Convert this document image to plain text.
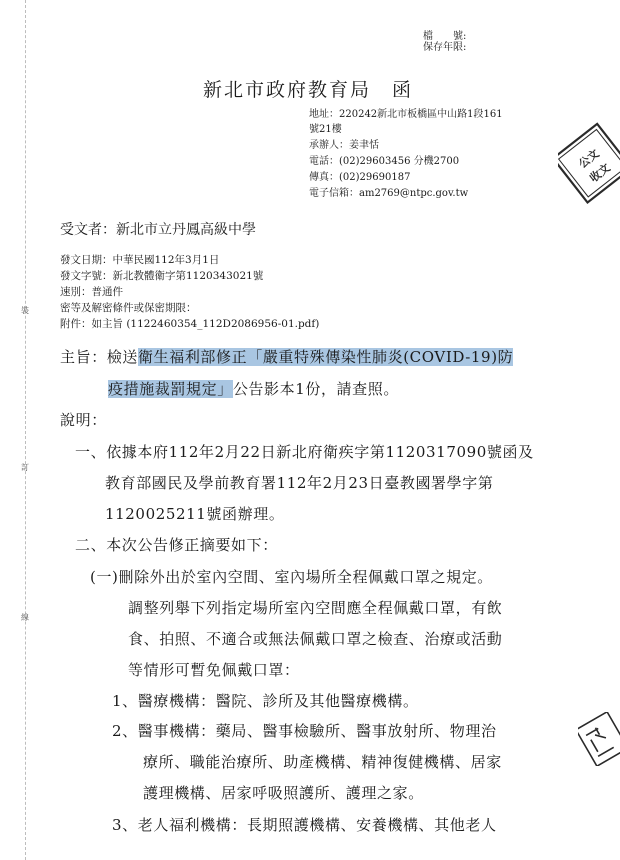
裝
訂
線
檔　　號:
保存年限:
新北市政府教育局　函
地址：220242新北市板橋區中山路1段161
號21樓
承辦人：姜聿恬
電話：(02)29603456 分機2700
傳真：(02)29690187
電子信箱：am2769@ntpc.gov.tw
公文
收文
受文者：新北市立丹鳳高級中學
發文日期：中華民國112年3月1日
發文字號：新北教體衛字第1120343021號
速別：普通件
密等及解密條件或保密期限：
附件：如主旨 (1122460354_112D2086956-01.pdf)
主旨：檢送衛生福利部修正「嚴重特殊傳染性肺炎(COVID-19)防
疫措施裁罰規定」公告影本1份，請查照。
說明：
一、依據本府112年2月22日新北府衛疾字第1120317090號函及
教育部國民及學前教育署112年2月23日臺教國署學字第
1120025211號函辦理。
二、本次公告修正摘要如下：
(一)刪除外出於室內空間、室內場所全程佩戴口罩之規定。
調整列舉下列指定場所室內空間應全程佩戴口罩，有飲
食、拍照、不適合或無法佩戴口罩之檢查、治療或活動
等情形可暫免佩戴口罩：
1、醫療機構：醫院、診所及其他醫療機構。
2、醫事機構：藥局、醫事檢驗所、醫事放射所、物理治
療所、職能治療所、助產機構、精神復健機構、居家
護理機構、居家呼吸照護所、護理之家。
3、老人福利機構：長期照護機構、安養機構、其他老人
